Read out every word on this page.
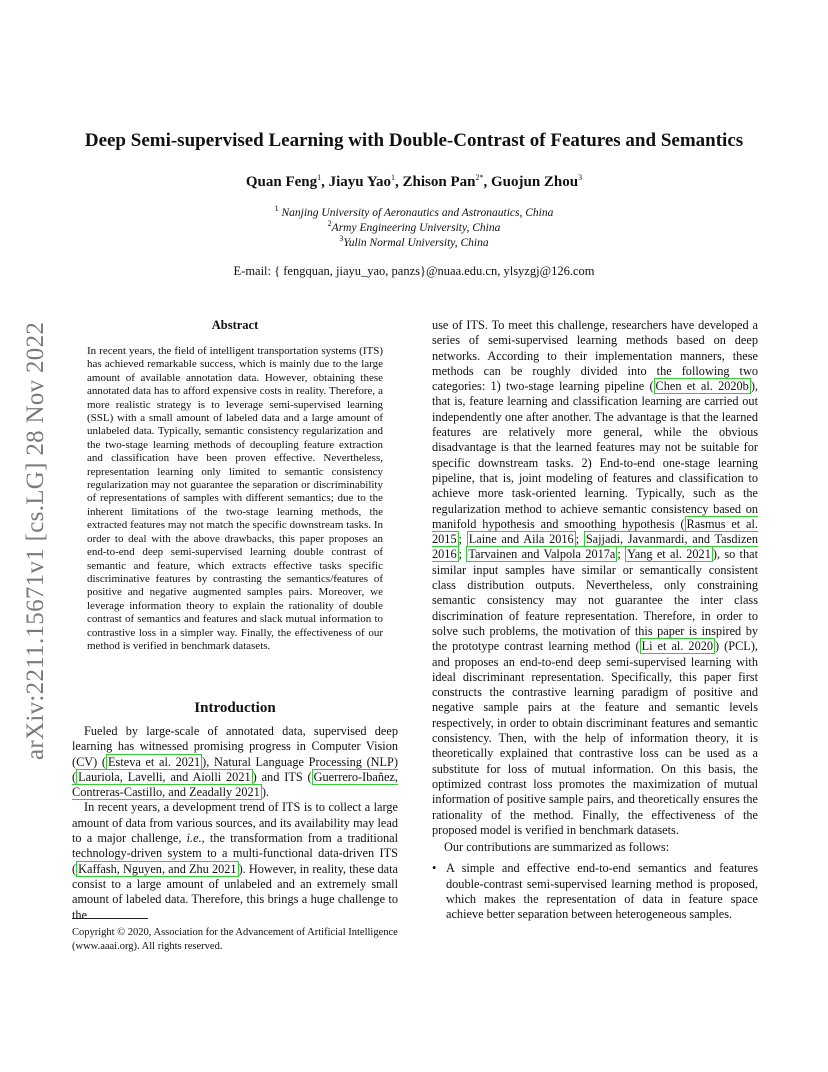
arXiv:2211.15671v1 [cs.LG] 28 Nov 2022
Deep Semi-supervised Learning with Double-Contrast of Features and Semantics
Quan Feng$^1$, Jiayu Yao$^1$, Zhison Pan$^{2*}$, Guojun Zhou$^3$
$^1$ Nanjing University of Aeronautics and Astronautics, China
$^2$Army Engineering University, China
$^3$Yulin Normal University, China
E-mail: { fengquan, jiayu_yao, panzs}@nuaa.edu.cn, ylsyzgj@126.com
Abstract
In recent years, the field of intelligent transportation systems (ITS) has achieved remarkable success, which is mainly due to the large amount of available annotation data. However, obtaining these annotated data has to afford expensive costs in reality. Therefore, a more realistic strategy is to leverage semi-supervised learning (SSL) with a small amount of labeled data and a large amount of unlabeled data. Typically, semantic consistency regularization and the two-stage learning methods of decoupling feature extraction and classification have been proven effective. Nevertheless, representation learning only limited to semantic consistency regularization may not guarantee the separation or discriminability of representations of samples with different semantics; due to the inherent limitations of the two-stage learning methods, the extracted features may not match the specific downstream tasks. In order to deal with the above drawbacks, this paper proposes an end-to-end deep semi-supervised learning double contrast of semantic and feature, which extracts effective tasks specific discriminative features by contrasting the semantics/features of positive and negative augmented samples pairs. Moreover, we leverage information theory to explain the rationality of double contrast of semantics and features and slack mutual information to contrastive loss in a simpler way. Finally, the effectiveness of our method is verified in benchmark datasets.
Introduction

Fueled by large-scale of annotated data, supervised deep learning has witnessed promising progress in Computer Vision (CV) ( Esteva et al. 2021 ), Natural Language Processing (NLP) ( Lauriola, Lavelli, and Aiolli 2021 ) and ITS ( Guerrero-Ibañez, Contreras-Castillo, and Zeadally 2021 ).

In recent years, a development trend of ITS is to collect a large amount of data from various sources, and its availability may lead to a major challenge, i.e., the transformation from a traditional technology-driven system to a multi-functional data-driven ITS ( Kaffash, Nguyen, and Zhu 2021 ). However, in reality, these data consist to a large amount of unlabeled and an extremely small amount of labeled data. Therefore, this brings a huge challenge to the

Copyright © 2020, Association for the Advancement of Artificial Intelligence (www.aaai.org). All rights reserved.

use of ITS. To meet this challenge, researchers have developed a series of semi-supervised learning methods based on deep networks. According to their implementation manners, these methods can be roughly divided into the following two categories: 1) two-stage learning pipeline ( Chen et al. 2020b ), that is, feature learning and classification learning are carried out independently one after another. The advantage is that the learned features are relatively more general, while the obvious disadvantage is that the learned features may not be suitable for specific downstream tasks. 2) End-to-end one-stage learning pipeline, that is, joint modeling of features and classification to achieve more task-oriented learning. Typically, such as the regularization method to achieve semantic consistency based on manifold hypothesis and smoothing hypothesis ( Rasmus et al. 2015 ; Laine and Aila 2016 ; Sajjadi, Javanmardi, and Tasdizen 2016 ; Tarvainen and Valpola 2017a ; Yang et al. 2021 ), so that similar input samples have similar or semantically consistent class distribution outputs. Nevertheless, only constraining semantic consistency may not guarantee the inter class discrimination of feature representation. Therefore, in order to solve such problems, the motivation of this paper is inspired by the prototype contrast learning method ( Li et al. 2020 ) (PCL), and proposes an end-to-end deep semi-supervised learning with ideal discriminant representation. Specifically, this paper first constructs the contrastive learning paradigm of positive and negative sample pairs at the feature and semantic levels respectively, in order to obtain discriminant features and semantic consistency. Then, with the help of information theory, it is theoretically explained that contrastive loss can be used as a substitute for loss of mutual information. On this basis, the optimized contrast loss promotes the maximization of mutual information of positive sample pairs, and theoretically ensures the rationality of the method. Finally, the effectiveness of the proposed model is verified in benchmark datasets.

Our contributions are summarized as follows:

• A simple and effective end-to-end semantics and features double-contrast semi-supervised learning method is proposed, which makes the representation of data in feature space achieve better separation between heterogeneous samples.
